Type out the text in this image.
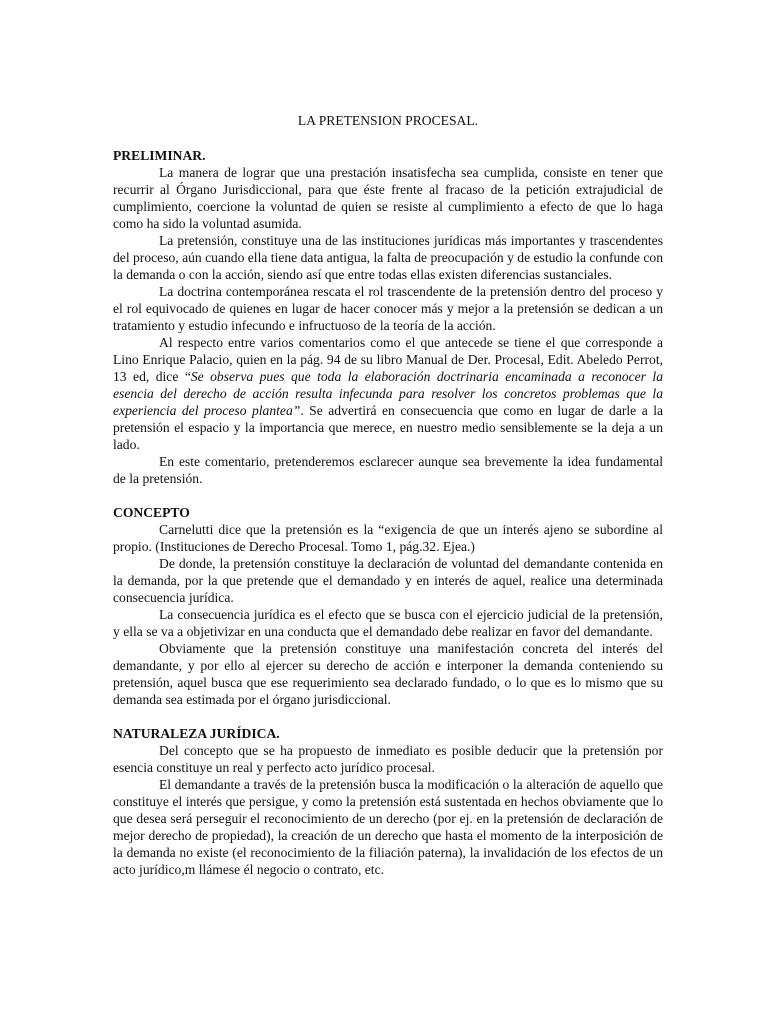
LA PRETENSION PROCESAL.
PRELIMINAR.

La manera de lograr que una prestación insatisfecha sea cumplida, consiste en tener que recurrir al Órgano Jurisdiccional, para que éste frente al fracaso de la petición extrajudicial de cumplimiento, coercione la voluntad de quien se resiste al cumplimiento a efecto de que lo haga como ha sido la voluntad asumida.

La pretensión, constituye una de las instituciones jurídicas más importantes y trascendentes del proceso, aún cuando ella tiene data antigua, la falta de preocupación y de estudio la confunde con la demanda o con la acción, siendo así que entre todas ellas existen diferencias sustanciales.

La doctrina contemporánea rescata el rol trascendente de la pretensión dentro del proceso y el rol equivocado de quienes en lugar de hacer conocer más y mejor a la pretensión se dedican a un tratamiento y estudio infecundo e infructuoso de la teoría de la acción.

Al respecto entre varios comentarios como el que antecede se tiene el que corresponde a Lino Enrique Palacio, quien en la pág. 94 de su libro Manual de Der. Procesal, Edit. Abeledo Perrot, 13 ed, dice “Se observa pues que toda la elaboración doctrinaria encaminada a reconocer la esencia del derecho de acción resulta infecunda para resolver los concretos problemas que la experiencia del proceso plantea”. Se advertirá en consecuencia que como en lugar de darle a la pretensión el espacio y la importancia que merece, en nuestro medio sensiblemente se la deja a un lado.

En este comentario, pretenderemos esclarecer aunque sea brevemente la idea fundamental de la pretensión.

CONCEPTO

Carnelutti dice que la pretensión es la “exigencia de que un interés ajeno se subordine al propio. (Instituciones de Derecho Procesal. Tomo 1, pág.32. Ejea.)

De donde, la pretensión constituye la declaración de voluntad del demandante contenida en la demanda, por la que pretende que el demandado y en interés de aquel, realice una determinada consecuencia jurídica.

La consecuencia jurídica es el efecto que se busca con el ejercicio judicial de la pretensión, y ella se va a objetivizar en una conducta que el demandado debe realizar en favor del demandante.

Obviamente que la pretensión constituye una manifestación concreta del interés del demandante, y por ello al ejercer su derecho de acción e interponer la demanda conteniendo su pretensión, aquel busca que ese requerimiento sea declarado fundado, o lo que es lo mismo que su demanda sea estimada por el órgano jurisdiccional.

NATURALEZA JURÍDICA.

Del concepto que se ha propuesto de inmediato es posible deducir que la pretensión por esencia constituye un real y perfecto acto jurídico procesal.

El demandante a través de la pretensión busca la modificación o la alteración de aquello que constituye el interés que persigue, y como la pretensión está sustentada en hechos obviamente que lo que desea será perseguir el reconocimiento de un derecho (por ej. en la pretensión de declaración de mejor derecho de propiedad), la creación de un derecho que hasta el momento de la interposición de la demanda no existe (el reconocimiento de la filiación paterna), la invalidación de los efectos de un acto jurídico,m llámese él negocio o contrato, etc.
